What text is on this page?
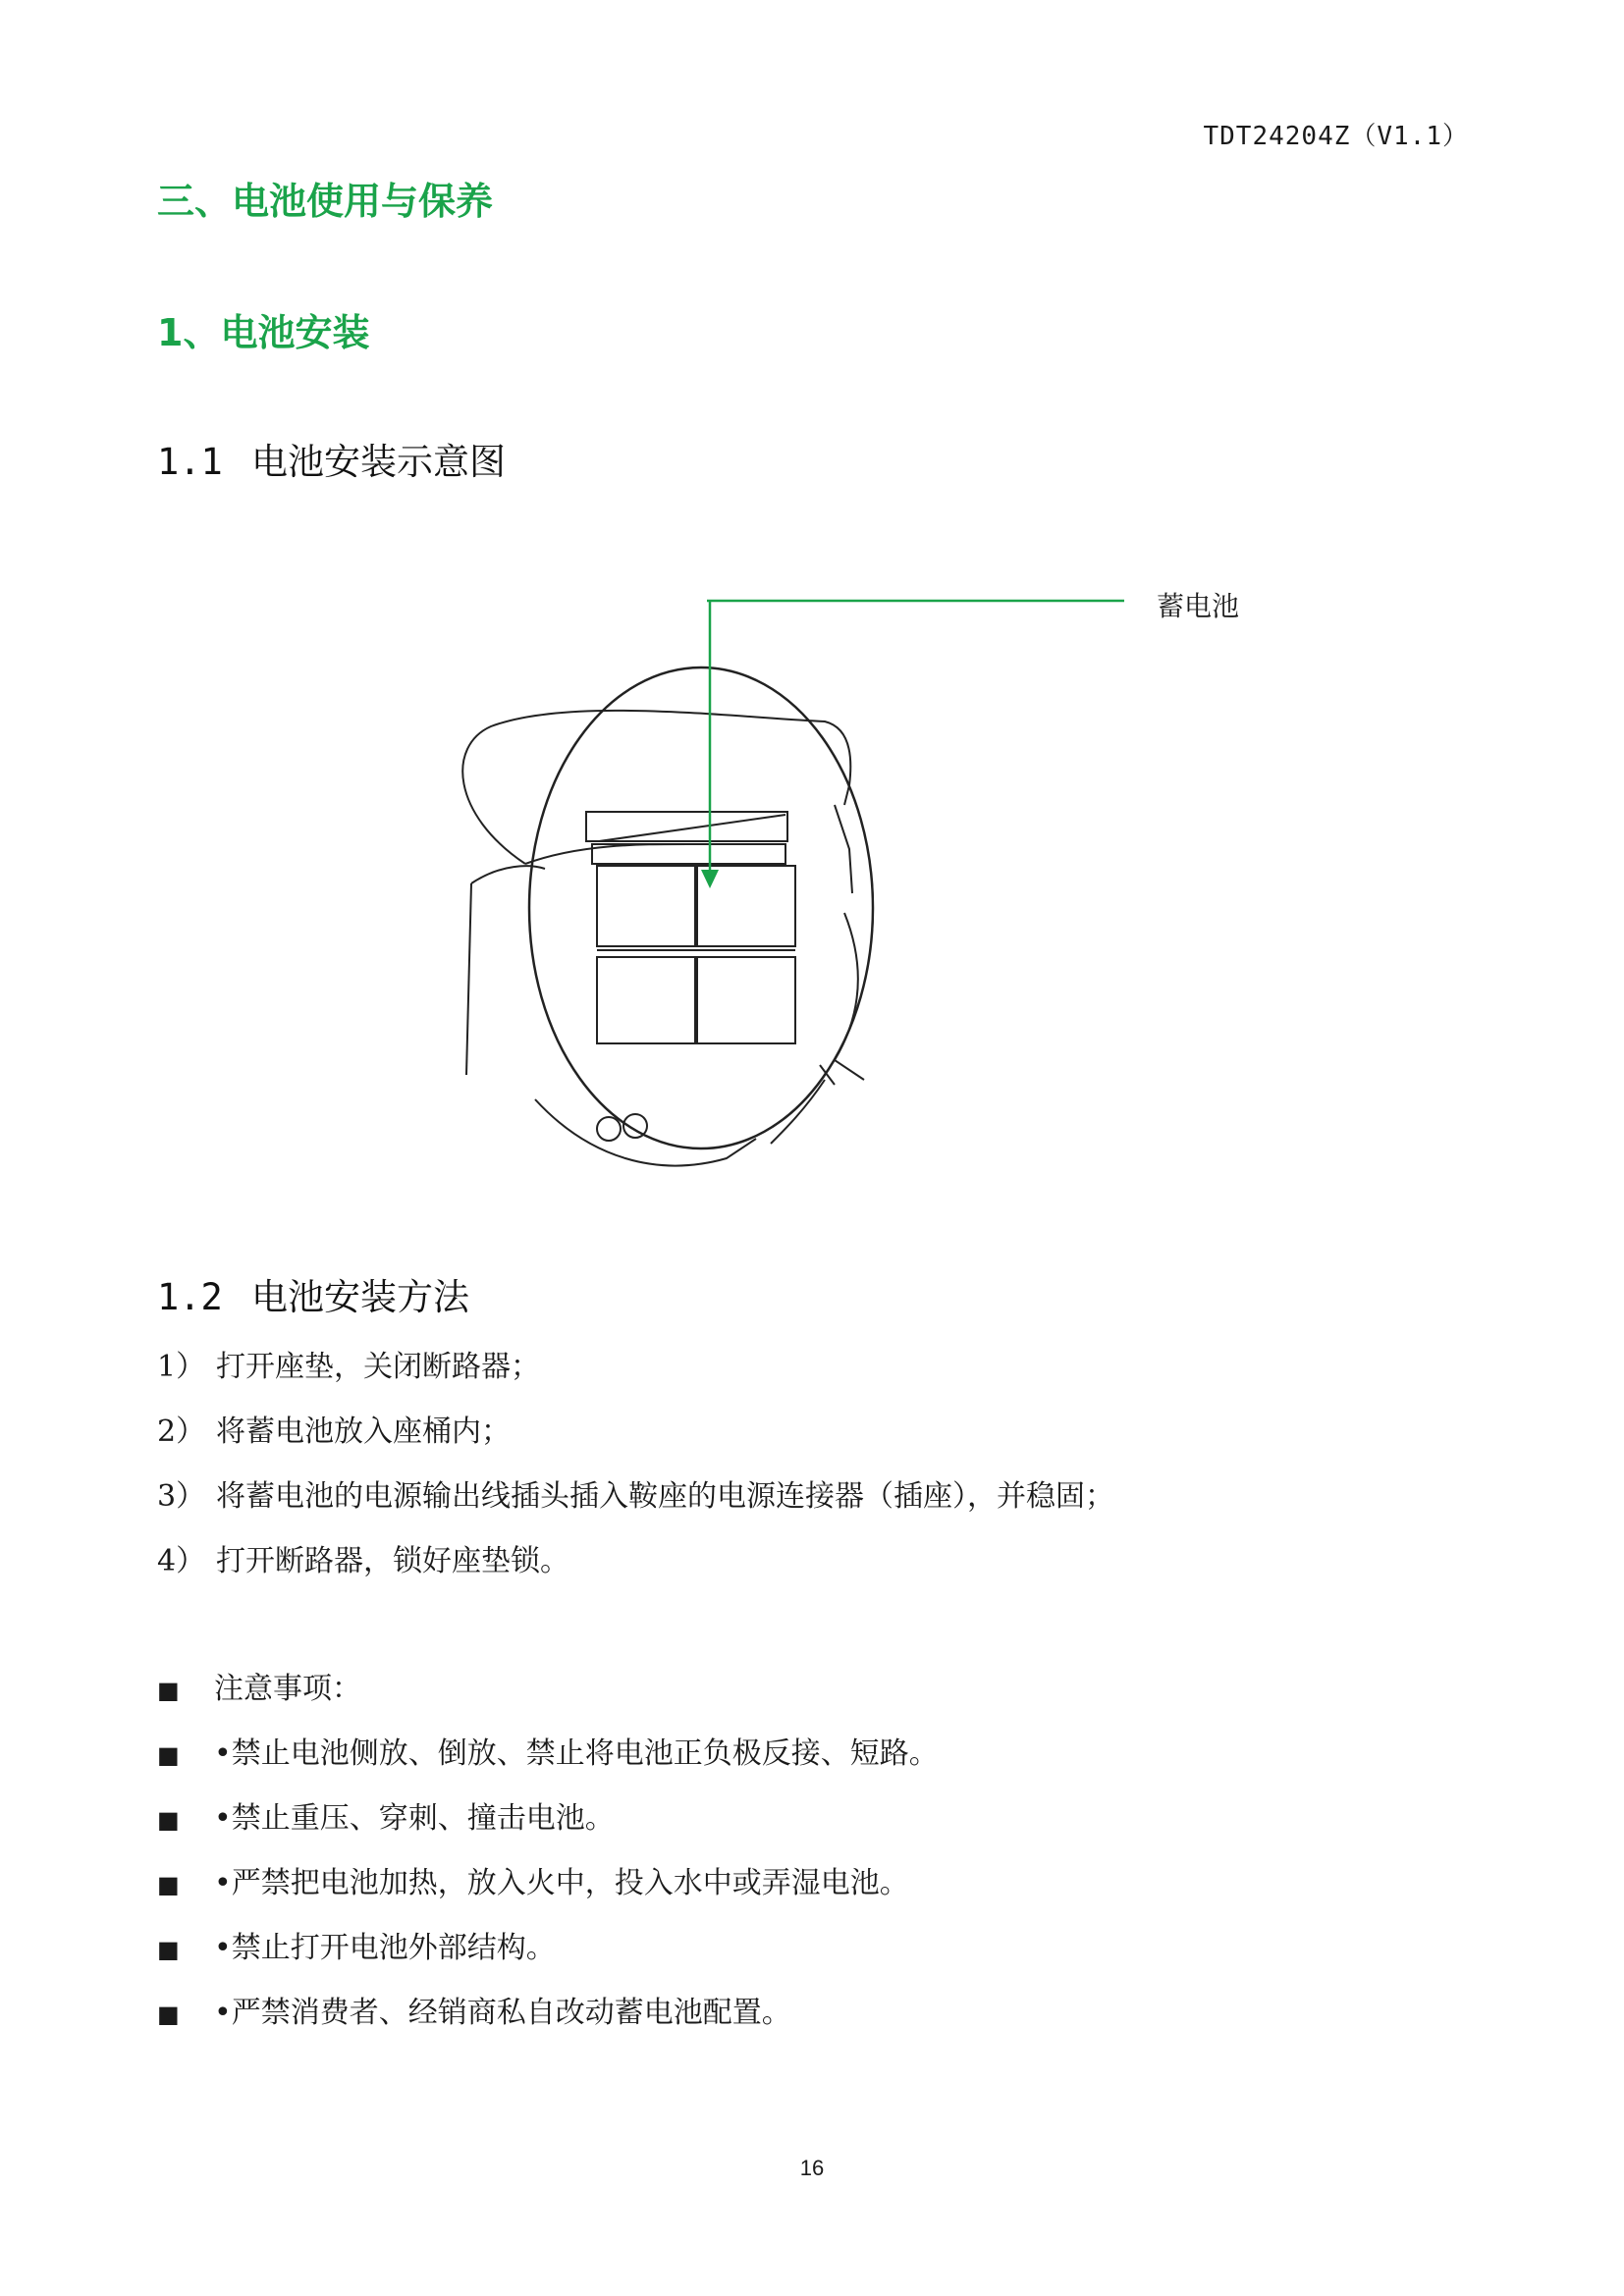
TDT24204Z（V1.1）
三、电池使用与保养
1、电池安装
1.1 电池安装示意图
蓄电池
1.2 电池安装方法
1） 打开座垫，关闭断路器；
2） 将蓄电池放入座桶内；
3） 将蓄电池的电源输出线插头插入鞍座的电源连接器（插座），并稳固；
4） 打开断路器，锁好座垫锁。
■ 注意事项：
■ •禁止电池侧放、倒放、禁止将电池正负极反接、短路。
■ •禁止重压、穿刺、撞击电池。
■ •严禁把电池加热，放入火中，投入水中或弄湿电池。
■ •禁止打开电池外部结构。
■ •严禁消费者、经销商私自改动蓄电池配置。
16
